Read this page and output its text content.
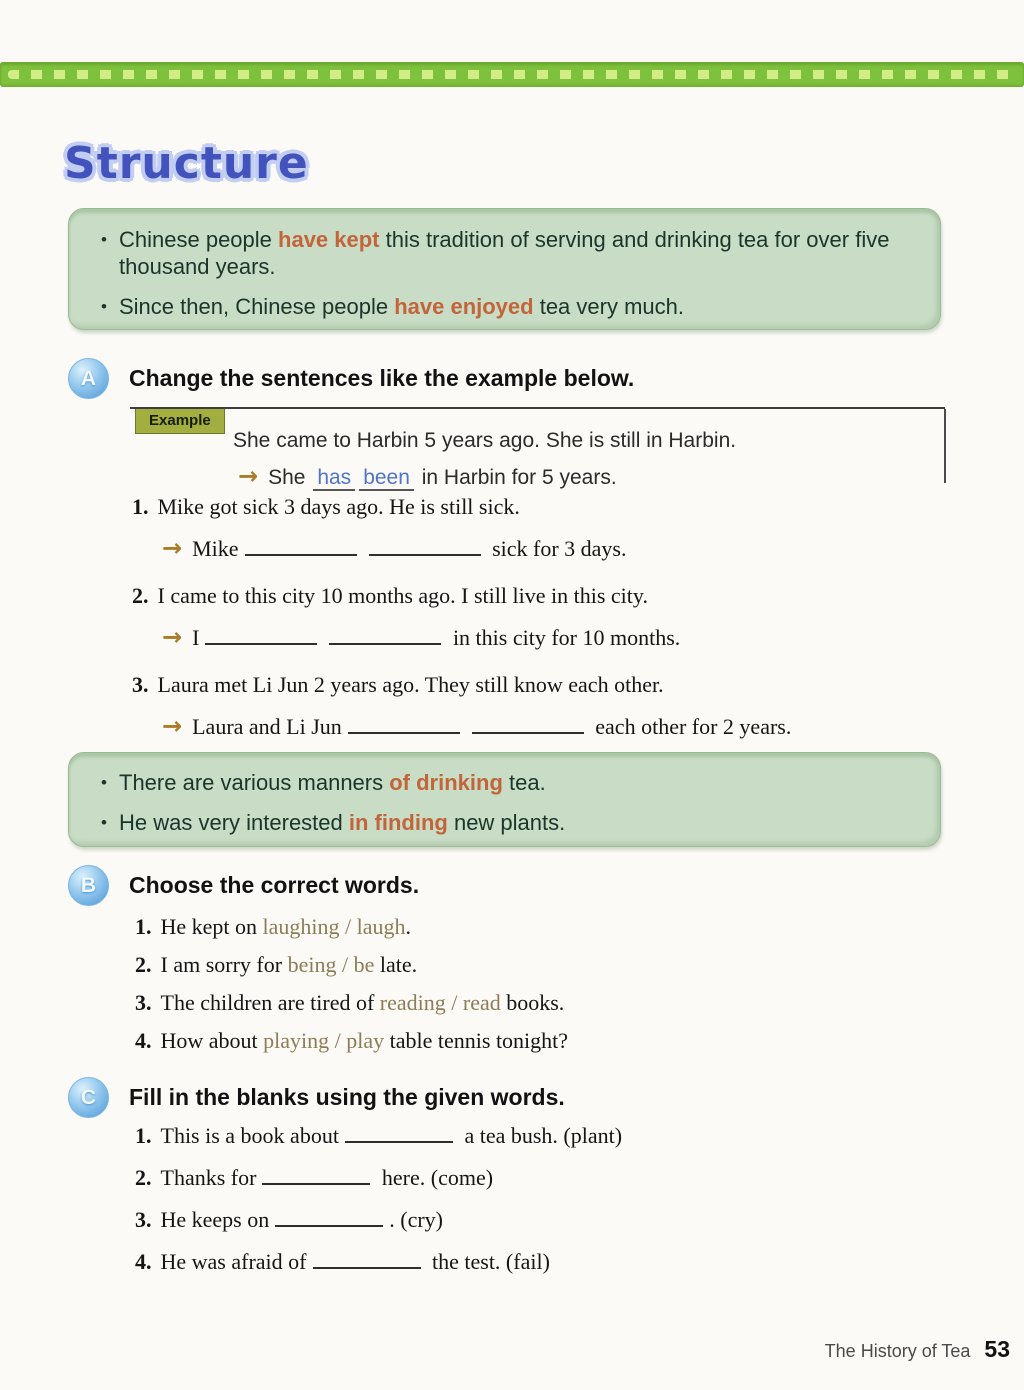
Structure
• Chinese people have kept this tradition of serving and drinking tea for over five thousand years.
• Since then, Chinese people have enjoyed tea very much.
A	Change the sentences like the example below.
Example
She came to Harbin 5 years ago. She is still in Harbin.
→ She has been in Harbin for 5 years.
1. Mike got sick 3 days ago. He is still sick.
→ Mike	sick for 3 days.
2. I came to this city 10 months ago. I still live in this city.
→ I	in this city for 10 months.
3. Laura met Li Jun 2 years ago. They still know each other.
→ Laura and Li Jun	each other for 2 years.
• There are various manners of drinking tea.
• He was very interested in finding new plants.
B	Choose the correct words.
1. He kept on laughing / laugh.
2. I am sorry for being / be late.
3. The children are tired of reading / read books.
4. How about playing / play table tennis tonight?
C	Fill in the blanks using the given words.
1. This is a book about	a tea bush. (plant)
2. Thanks for	here. (come)
3. He keeps on	. (cry)
4. He was afraid of	the test. (fail)
The History of Tea 53
